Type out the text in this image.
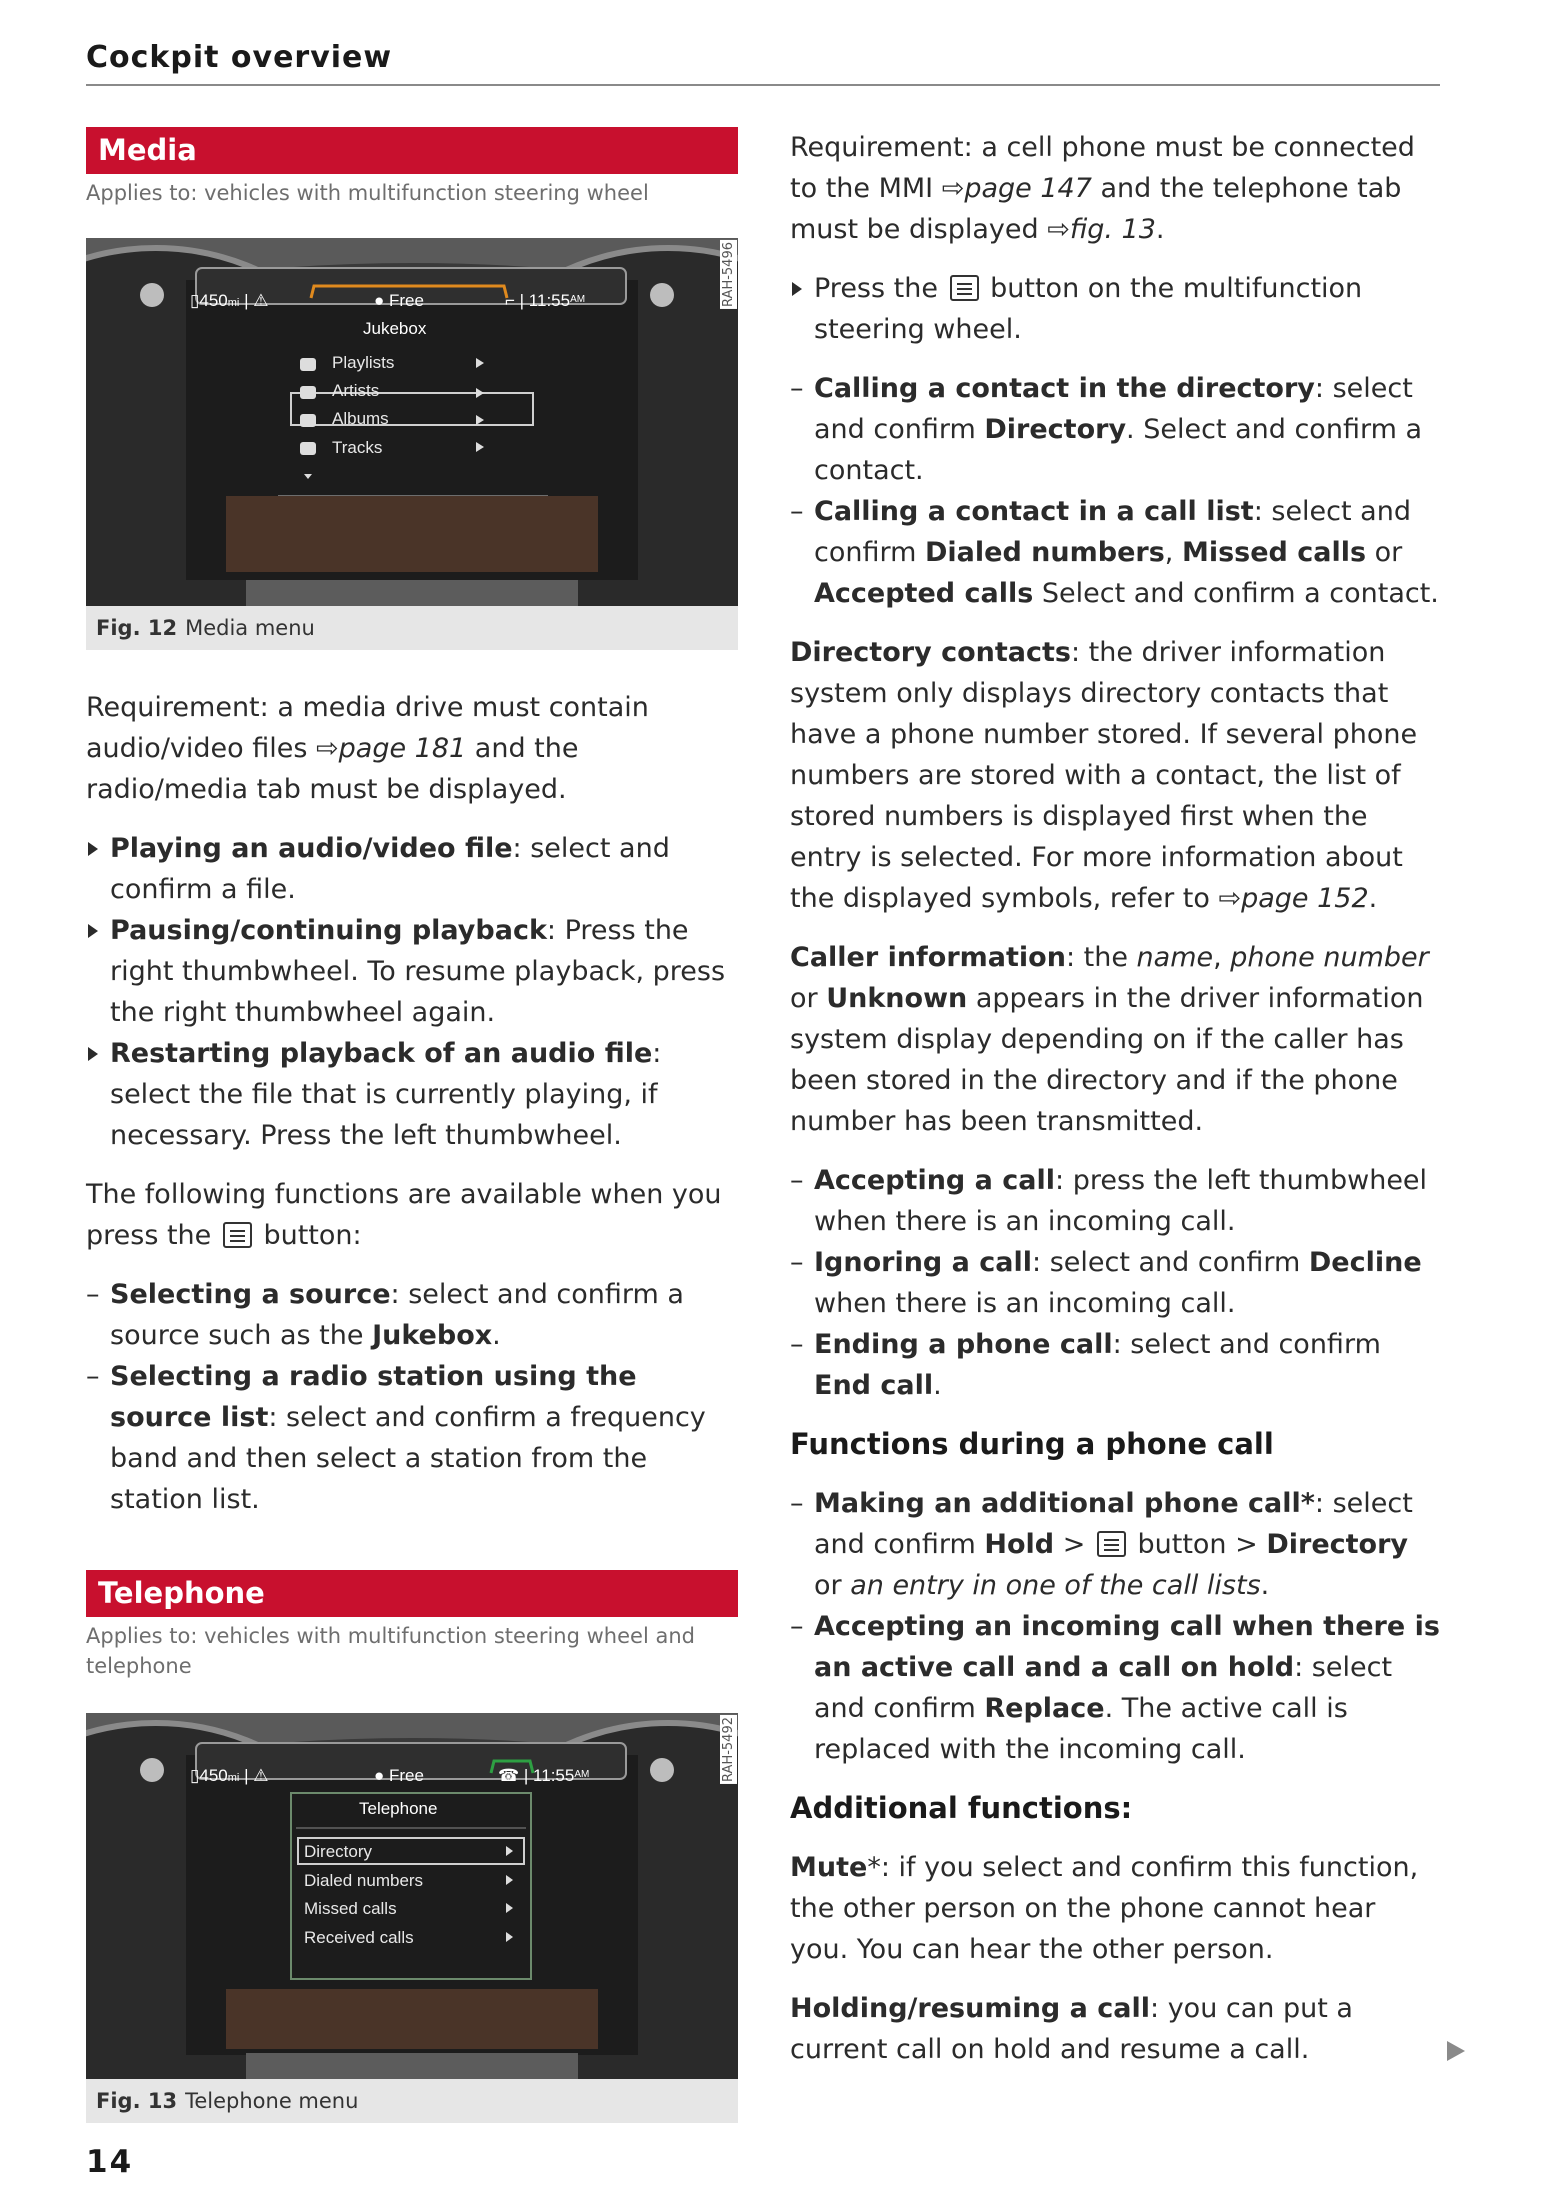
Cockpit overview
Media
Applies to: vehicles with multifunction steering wheel
▯450mi | ⚠	● Free	⌐ | $11:55^{AM}$
Jukebox
Playlists
Artists
Albums
Tracks
RAH-5496
Fig. 12 Media menu

Requirement: a media drive must contain audio/video files ⇨page 181 and the radio/media tab must be displayed.

Playing an audio/video file: select and confirm a file.
Pausing/continuing playback: Press the right thumbwheel. To resume playback, press the right thumbwheel again.
Restarting playback of an audio file: select the file that is currently playing, if necessary. Press the left thumbwheel.

The following functions are available when you press the
button:

– Selecting a source: select and confirm a source such as the Jukebox.
– Selecting a radio station using the source list: select and confirm a frequency band and then select a station from the station list.
Telephone
Applies to: vehicles with multifunction steering wheel and telephone
▯450mi | ⚠	● Free	☎ | $11:55^{AM}$
Telephone
Directory
Dialed numbers
Missed calls
Received calls
RAH-5492
Fig. 13 Telephone menu

Requirement: a cell phone must be connected to the MMI ⇨page 147 and the telephone tab must be displayed ⇨fig. 13.

Press the
button on the multifunction steering wheel.
– Calling a contact in the directory: select and confirm Directory. Select and confirm a contact.
– Calling a contact in a call list: select and confirm Dialed numbers, Missed calls or Accepted calls Select and confirm a contact.

Directory contacts: the driver information system only displays directory contacts that have a phone number stored. If several phone numbers are stored with a contact, the list of stored numbers is displayed first when the entry is selected. For more information about the displayed symbols, refer to ⇨page 152.

Caller information: the name, phone number or Unknown appears in the driver information system display depending on if the caller has been stored in the directory and if the phone number has been transmitted.

– Accepting a call: press the left thumbwheel when there is an incoming call.
– Ignoring a call: select and confirm Decline when there is an incoming call.
– Ending a phone call: select and confirm End call.

Functions during a phone call

– Making an additional phone call*: select and confirm Hold >
button > Directory or an entry in one of the call lists.
– Accepting an incoming call when there is an active call and a call on hold: select and confirm Replace. The active call is replaced with the incoming call.

Additional functions:

Mute*: if you select and confirm this function, the other person on the phone cannot hear you. You can hear the other person.

Holding/resuming a call: you can put a current call on hold and resume a call.

14
